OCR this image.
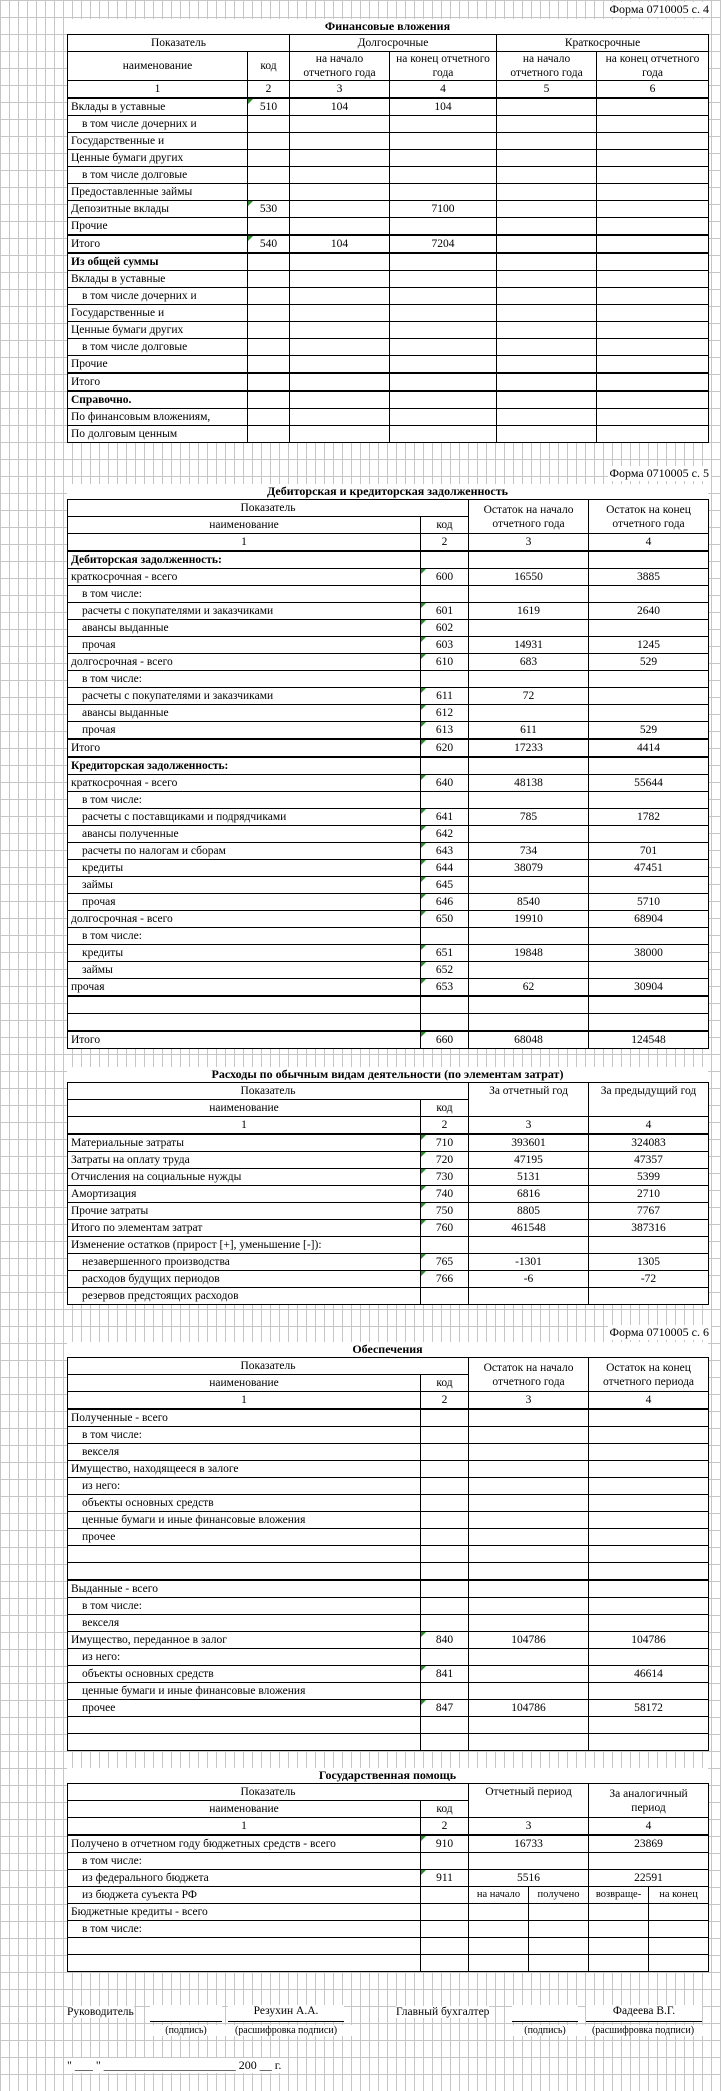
Форма 0710005 с. 4
Финансовые вложения
Показатель		Долгосрочные		Краткосрочные	
		на начало отчетного года	на конец отчетного года	на начало отчетного года	на конец отчетного года
наименование	код				
1	2	3	4	5	6
Вклады в уставные	510	104	104		
в том числе дочерних и					
Государственные и					
Ценные бумаги других					
в том числе долговые					
Предоставленные займы					
Депозитные вклады	530		7100		
Прочие					
Итого	540	104	7204		
Из общей суммы					
Вклады в уставные					
в том числе дочерних и					
Государственные и					
Ценные бумаги других					
в том числе долговые					
Прочие					
Итого					
Справочно.					
По финансовым вложениям,					
По долговым ценным					
Форма 0710005 с. 5
Дебиторская и кредиторская задолженность
Показатель		Остаток на начало отчетного года	Остаток на конец отчетного года
наименование	код		
1	2	3	4
Дебиторская задолженность:			
краткосрочная - всего	600	16550	3885
в том числе:			
расчеты с покупателями и заказчиками	601	1619	2640
авансы выданные	602		
прочая	603	14931	1245
долгосрочная - всего	610	683	529
в том числе:			
расчеты с покупателями и заказчиками	611	72	
авансы выданные	612		
прочая	613	611	529
Итого	620	17233	4414
Кредиторская задолженность:			
краткосрочная - всего	640	48138	55644
в том числе:			
расчеты с поставщиками и подрядчиками	641	785	1782
авансы полученные	642		
расчеты по налогам и сборам	643	734	701
кредиты	644	38079	47451
займы	645		
прочая	646	8540	5710
долгосрочная - всего	650	19910	68904
в том числе:			
кредиты	651	19848	38000
займы	652		
прочая	653	62	30904

Итого	660	68048	124548
Расходы по обычным видам деятельности (по элементам затрат)
Показатель		За отчетный год	За предыдущий год
наименование	код		
1	2	3	4
Материальные затраты	710	393601	324083
Затраты на оплату труда	720	47195	47357
Отчисления на социальные нужды	730	5131	5399
Амортизация	740	6816	2710
Прочие затраты	750	8805	7767
Итого по элементам затрат	760	461548	387316
Изменение остатков (прирост [+], уменьшение [-]):			
незавершенного производства	765	-1301	1305
расходов будущих периодов	766	-6	-72
резервов предстоящих расходов			
Форма 0710005 с. 6
Обеспечения
Показатель		Остаток на начало отчетного года	Остаток на конец отчетного периода
наименование	код		
1	2	3	4
Полученные - всего			
в том числе:			
векселя			
Имущество, находящееся в залоге			
из него:			
объекты основных средств			
ценные бумаги и иные финансовые вложения			
прочее			

Выданные - всего			
в том числе:			
векселя			
Имущество, переданное в залог	840	104786	104786
из него:			
объекты основных средств	841		46614
ценные бумаги и иные финансовые вложения			
прочее	847	104786	58172

Государственная помощь
Показатель		Отчетный период		За аналогичный период	
наименование	код				
1	2	3		4	
Получено в отчетном году бюджетных средств - всего	910	16733		23869	
в том числе:					
из федерального бюджета	911	5516		22591	
из бюджета суъекта РФ		на начало	получено	возвраще-	на конец
Бюджетные кредиты - всего					
в том числе:					

Руководитель	Резухин А.А.
(подпись)	(расшифровка подписи)
Главный бухгалтер	Фадеева В.Г.
(подпись)	(расшифровка подписи)
" ___ " ______________________ 200 __ г.
